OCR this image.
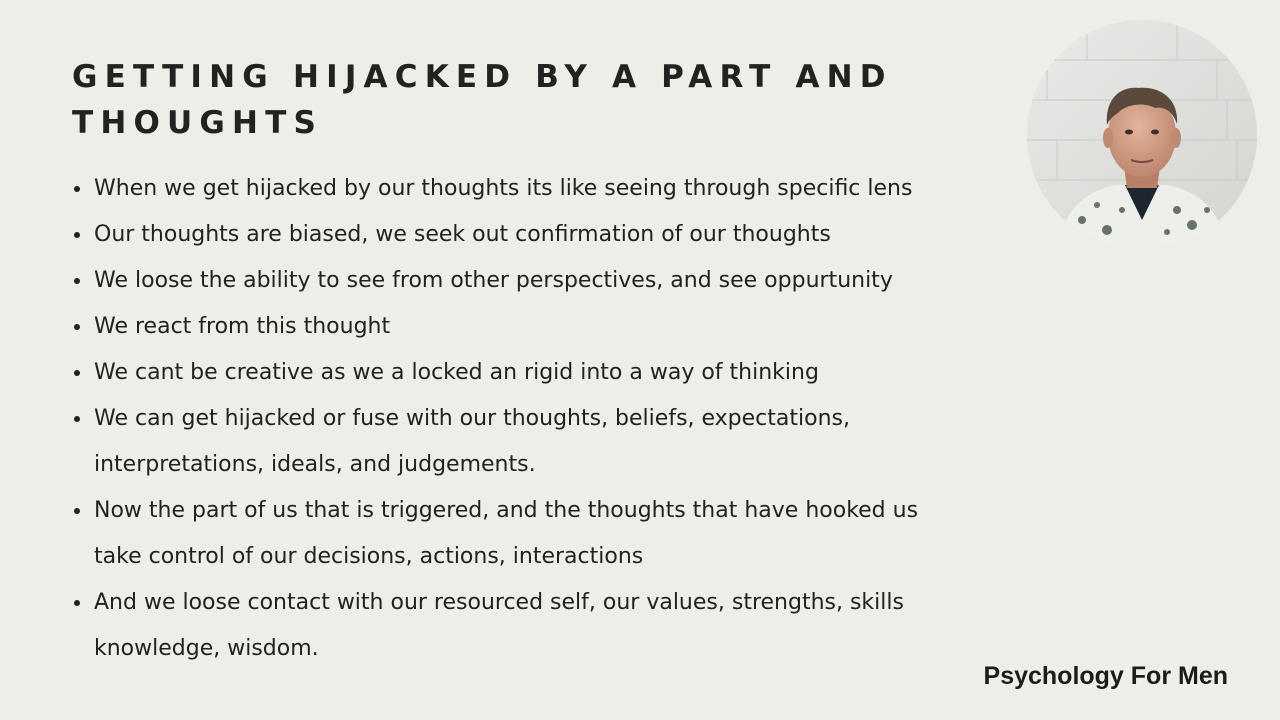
GETTING HIJACKED BY A PART AND THOUGHTS
When we get hijacked by our thoughts its like seeing through specific lens
Our thoughts are biased, we seek out confirmation of our thoughts
We loose the ability to see from other perspectives, and see oppurtunity
We react from this thought
We cant be creative as we a locked an rigid into a way of thinking
We can get hijacked or fuse with our thoughts, beliefs, expectations, interpretations, ideals, and judgements.
Now the part of us that is triggered, and the thoughts that have hooked us take control of our decisions, actions, interactions
And we loose contact with our resourced self, our values, strengths, skills knowledge, wisdom.
Psychology For Men
